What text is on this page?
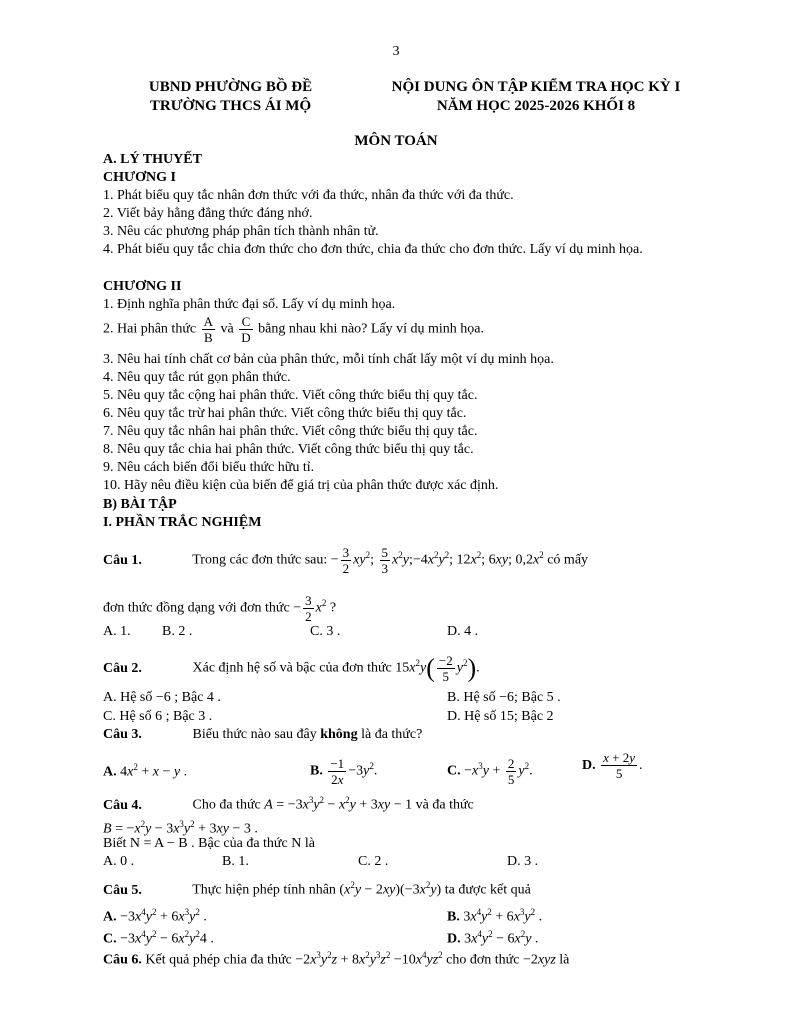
3
UBND PHƯỜNG BỒ ĐỀ
TRƯỜNG THCS ÁI MỘ
NỘI DUNG ÔN TẬP KIỂM TRA HỌC KỲ I
NĂM HỌC 2025-2026 KHỐI 8
MÔN TOÁN
A. LÝ THUYẾT
CHƯƠNG I
1. Phát biểu quy tắc nhân đơn thức với đa thức, nhân đa thức với đa thức.
2. Viết bảy hằng đẳng thức đáng nhớ.
3. Nêu các phương pháp phân tích thành nhân tử.
4. Phát biểu quy tắc chia đơn thức cho đơn thức, chia đa thức cho đơn thức. Lấy ví dụ minh họa.
CHƯƠNG II
1. Định nghĩa phân thức đại số. Lấy ví dụ minh họa.
2. Hai phân thức $\frac{A}{B}$ và $\frac{C}{D}$ bằng nhau khi nào? Lấy ví dụ minh họa.
3. Nêu hai tính chất cơ bản của phân thức, mỗi tính chất lấy một ví dụ minh họa.
4. Nêu quy tắc rút gọn phân thức.
5. Nêu quy tắc cộng hai phân thức. Viết công thức biểu thị quy tắc.
6. Nêu quy tắc trừ hai phân thức. Viết công thức biểu thị quy tắc.
7. Nêu quy tắc nhân hai phân thức. Viết công thức biểu thị quy tắc.
8. Nêu quy tắc chia hai phân thức. Viết công thức biểu thị quy tắc.
9. Nêu cách biến đổi biểu thức hữu tỉ.
10. Hãy nêu điều kiện của biến để giá trị của phân thức được xác định.
B) BÀI TẬP
I. PHẦN TRẮC NGHIỆM
Câu 1.	Trong các đơn thức sau: − $\frac{3}{2} xy^2$; $\frac{5}{3}$ $x^2y;-4x^2y^2$; $12x^2$; 6xy; $0,2x^2$ có mấy
đơn thức đồng dạng với đơn thức − $\frac{3}{2} x^2$ ?
A. 1. B. 2 .	C. 3 .	D. 4 .
Câu 2.	Xác định hệ số và bậc của đơn thức $15x^2y( \frac{-2}{5} y^2)$.
A. Hệ số −6 ; Bậc 4 .	B. Hệ số −6; Bậc 5 .
C. Hệ số 6 ; Bậc 3 .	D. Hệ số 15; Bậc 2
Câu 3.	Biểu thức nào sau đây không là đa thức?
A. $4x^2 + x - y$ .	B. $\frac{-1}{2x} -3y^2$.	C. $-x^3y + \frac{2}{5} y^2$.	D. $\frac{x + 2y}{5}$ .
Câu 4.	Cho đa thức $A = -3x^3y^2 - x^2y + 3xy - 1$ và đa thức
$B = -x^2y - 3x^3y^2 + 3xy - 3$ .
Biết N = A − B . Bậc của đa thức N là
A. 0 .	B. 1.	C. 2 .	D. 3 .
Câu 5.	Thực hiện phép tính nhân $(x^2y - 2xy)(-3x^2y)$ ta được kết quả
A. $-3x^4y^2 + 6x^3y^2$ .	B. $3x^4y^2 + 6x^3y^2$ .
C. $-3x^4y^2 - 6x^2y^24$ .	D. $3x^4y^2 - 6x^2y$ .
Câu 6. Kết quả phép chia đa thức $-2x^3y^2z + 8x^2y^3z^2 -10x^4yz^2$ cho đơn thức −2xyz là
